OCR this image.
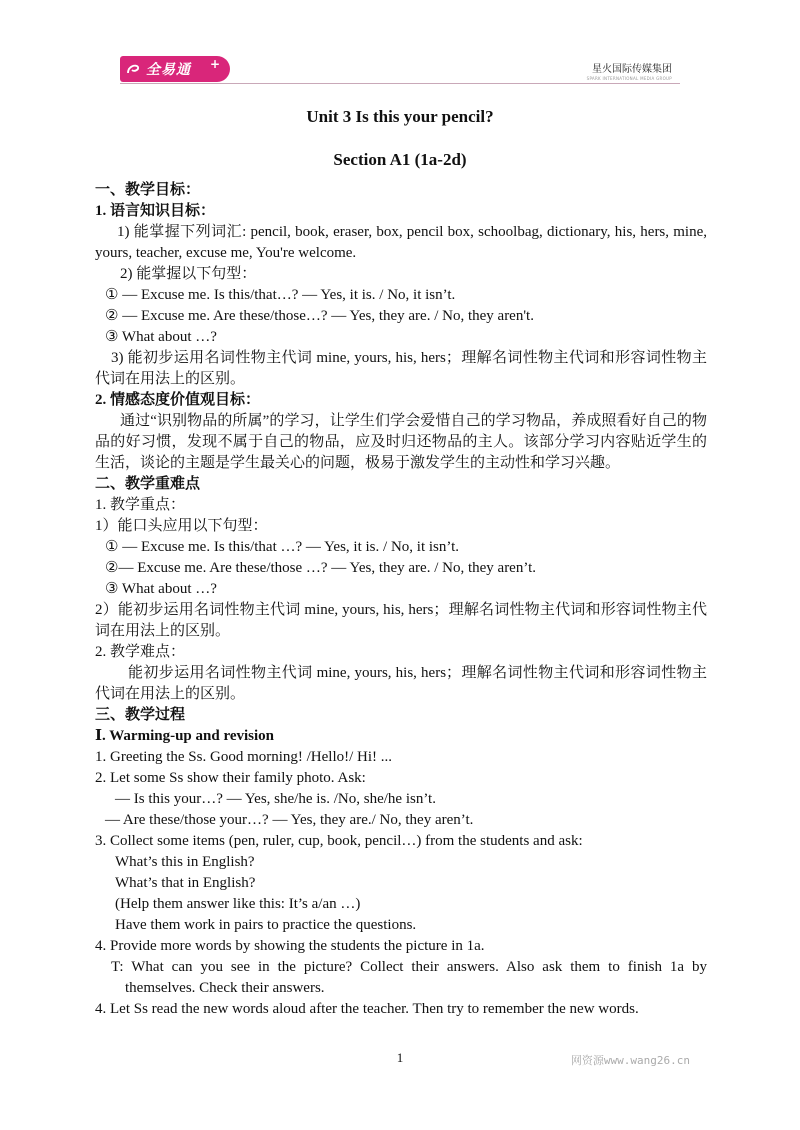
全易通 +	星火国际传媒集团
SPARK INTERNATIONAL MEDIA GROUP
Unit 3 Is this your pencil?
Section A1 (1a-2d)
一、教学目标：
1. 语言知识目标：
1) 能掌握下列词汇: pencil, book, eraser, box, pencil box, schoolbag, dictionary, his, hers, mine, yours, teacher, excuse me, You're welcome.
2) 能掌握以下句型：
① — Excuse me. Is this/that…? — Yes, it is. / No, it isn’t.
② — Excuse me. Are these/those…? — Yes, they are. / No, they aren't.
③ What about …?
3) 能初步运用名词性物主代词 mine, yours, his, hers；理解名词性物主代词和形容词性物主代词在用法上的区别。
2. 情感态度价值观目标：
通过“识别物品的所属”的学习，让学生们学会爱惜自己的学习物品，养成照看好自己的物品的好习惯，发现不属于自己的物品，应及时归还物品的主人。该部分学习内容贴近学生的生活，谈论的主题是学生最关心的问题，极易于激发学生的主动性和学习兴趣。
二、教学重难点
1. 教学重点：
1）能口头应用以下句型：
① — Excuse me. Is this/that …? — Yes, it is. / No, it isn’t.
②— Excuse me. Are these/those …? — Yes, they are. / No, they aren’t.
③ What about …?
2）能初步运用名词性物主代词 mine, yours, his, hers；理解名词性物主代词和形容词性物主代词在用法上的区别。
2. 教学难点：
能初步运用名词性物主代词 mine, yours, his, hers；理解名词性物主代词和形容词性物主代词在用法上的区别。
三、教学过程
Ⅰ. Warming-up and revision
1. Greeting the Ss. Good morning! /Hello!/ Hi! ...
2. Let some Ss show their family photo. Ask:
— Is this your…? — Yes, she/he is. /No, she/he isn’t.
— Are these/those your…? — Yes, they are./ No, they aren’t.
3. Collect some items (pen, ruler, cup, book, pencil…) from the students and ask:
What’s this in English?
What’s that in English?
(Help them answer like this: It’s a/an …)
Have them work in pairs to practice the questions.
4. Provide more words by showing the students the picture in 1a.
T: What can you see in the picture? Collect their answers. Also ask them to finish 1a by themselves. Check their answers.
4. Let Ss read the new words aloud after the teacher. Then try to remember the new words.
1	网资源www.wang26.cn
